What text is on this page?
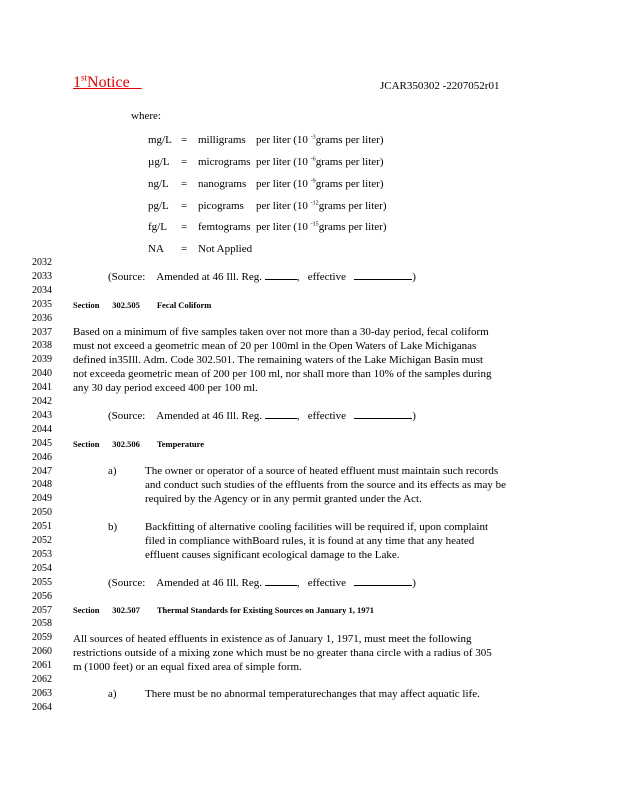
1stNotice	JCAR350302 -2207052r01
where:
mg/L = milligrams per liter (10 $^{-3}$grams per liter)
µg/L = micrograms per liter (10 $^{-6}$grams per liter)
ng/L = nanograms per liter (10 $^{-9}$grams per liter)
pg/L = picograms per liter (10 $^{-12}$grams per liter)
fg/L = femtograms per liter (10 $^{-15}$grams per liter)
NA = Not Applied
2032
2033
2034
2035
2036
2037
2038
2039
2040
2041
2042
2043
2044
2045
2046
2047
2048
2049
2050
2051
2052
2053
2054
2055
2056
2057
2058
2059
2060
2061
2062
2063
2064
(Source: Amended at 46 Ill. Reg.	, effective	)
Section 302.505 Fecal Coliform
Based on a minimum of five samples taken over not more than a 30-day period, fecal coliform
must not exceed a geometric mean of 20 per 100ml in the Open Waters of Lake Michiganas
defined in35Ill. Adm. Code 302.501. The remaining waters of the Lake Michigan Basin must
not exceeda geometric mean of 200 per 100 ml, nor shall more than 10% of the samples during
any 30 day period exceed 400 per 100 ml.
(Source: Amended at 46 Ill. Reg.	, effective	)
Section 302.506 Temperature
a)	The owner or operator of a source of heated effluent must maintain such records
and conduct such studies of the effluents from the source and its effects as may be
required by the Agency or in any permit granted under the Act.
b)	Backfitting of alternative cooling facilities will be required if, upon complaint
filed in compliance withBoard rules, it is found at any time that any heated
effluent causes significant ecological damage to the Lake.
(Source: Amended at 46 Ill. Reg.	, effective	)
Section 302.507 Thermal Standards for Existing Sources on January 1, 1971
All sources of heated effluents in existence as of January 1, 1971, must meet the following
restrictions outside of a mixing zone which must be no greater thana circle with a radius of 305
m (1000 feet) or an equal fixed area of simple form.
a)	There must be no abnormal temperaturechanges that may affect aquatic life.
